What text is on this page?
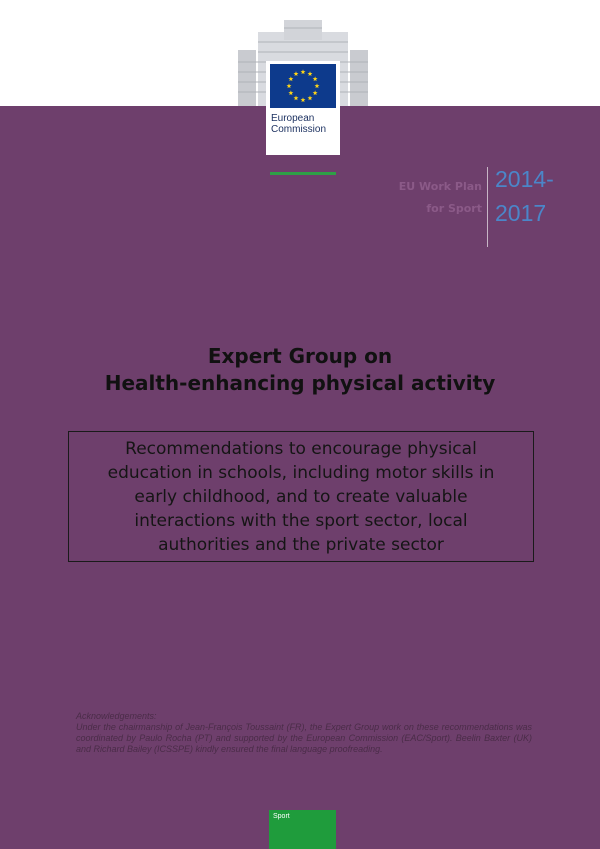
European
Commission
EU Work Plan
for Sport
2014-
2017
Expert Group on
Health-enhancing physical activity

Recommendations to encourage physical
education in schools, including motor skills in
early childhood, and to create valuable
interactions with the sport sector, local
authorities and the private sector

Acknowledgements:

Under the chairmanship of Jean-François Toussaint (FR), the Expert Group work on these recommendations was coordinated by Paulo Rocha (PT) and supported by the European Commission (EAC/Sport). Beelin Baxter (UK) and Richard Bailey (ICSSPE) kindly ensured the final language proofreading.

Sport
